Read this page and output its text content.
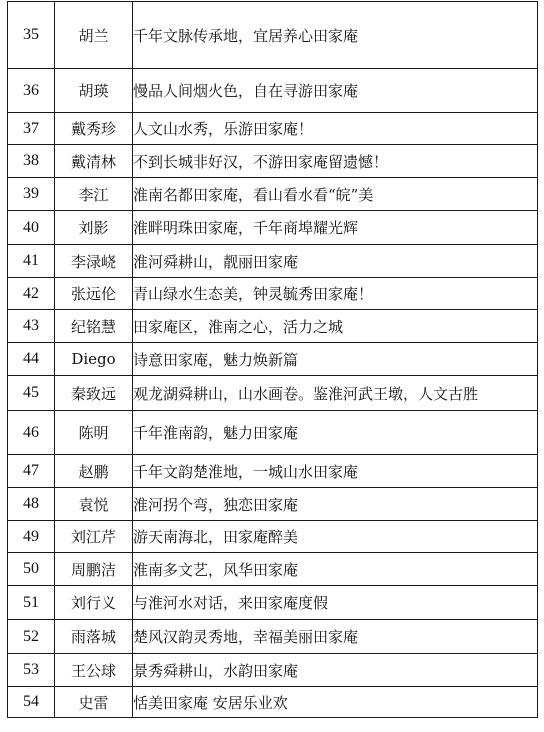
35	胡兰	千年文脉传承地，宜居养心田家庵
36	胡瑛	慢品人间烟火色，自在寻游田家庵
37	戴秀珍	人文山水秀，乐游田家庵！
38	戴清林	不到长城非好汉，不游田家庵留遗憾！
39	李江	淮南名都田家庵，看山看水看“皖”美
40	刘影	淮畔明珠田家庵，千年商埠耀光辉
41	李渌峣	淮河舜耕山，靓丽田家庵
42	张远伦	青山绿水生态美，钟灵毓秀田家庵！
43	纪铭慧	田家庵区，淮南之心，活力之城
44	Diego	诗意田家庵，魅力焕新篇
45	秦致远	观龙湖舜耕山，山水画卷。鉴淮河武王墩，人文古胜
46	陈明	千年淮南韵，魅力田家庵
47	赵鹏	千年文韵楚淮地，一城山水田家庵
48	袁悦	淮河拐个弯，独恋田家庵
49	刘江芹	游天南海北，田家庵醉美
50	周鹏洁	淮南多文艺，风华田家庵
51	刘行义	与淮河水对话，来田家庵度假
52	雨落城	楚风汉韵灵秀地，幸福美丽田家庵
53	王公球	景秀舜耕山，水韵田家庵
54	史雷	恬美田家庵 安居乐业欢
